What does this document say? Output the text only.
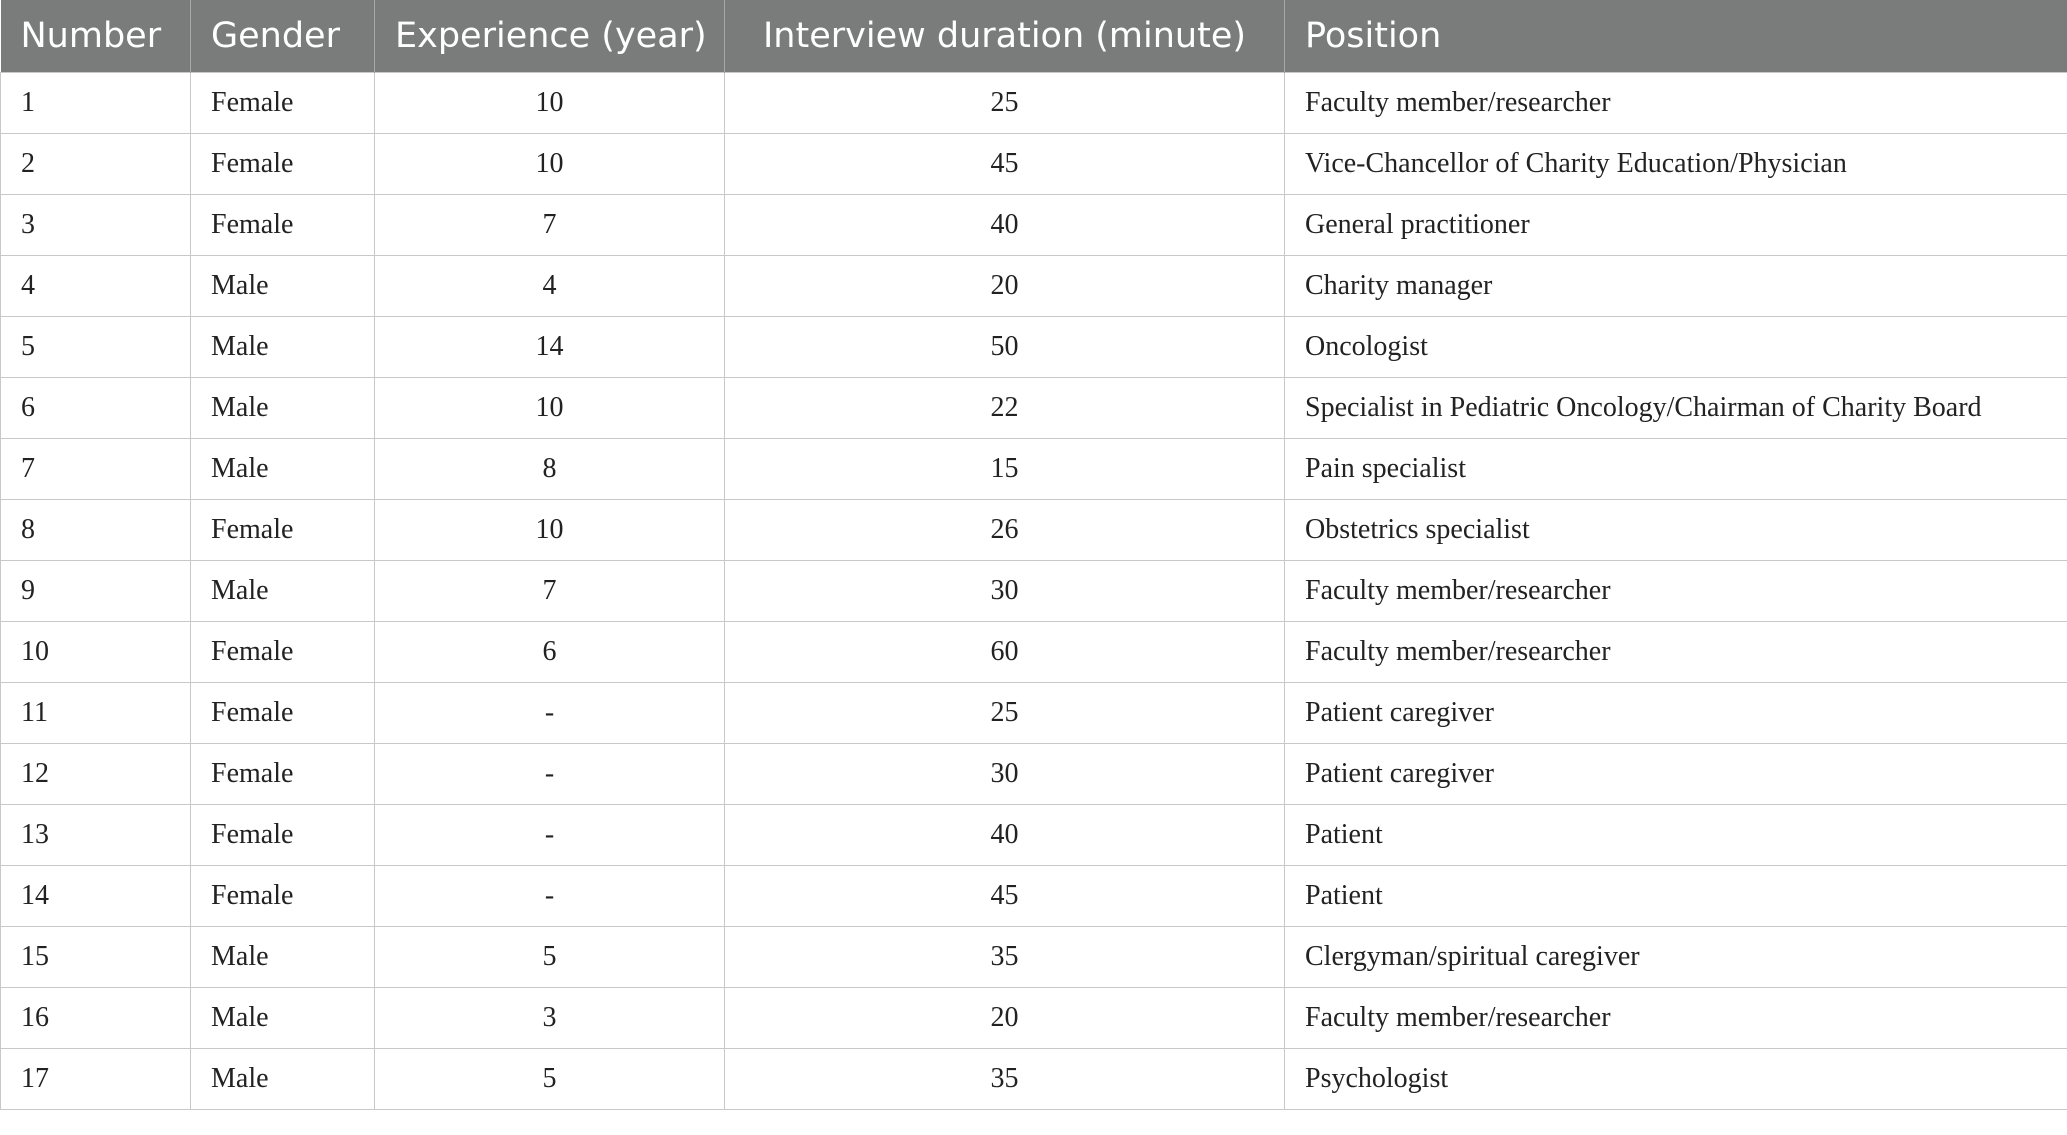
Number	Gender	Experience (year)	Interview duration (minute)	Position
1	Female	10	25	Faculty member/researcher
2	Female	10	45	Vice-Chancellor of Charity Education/Physician
3	Female	7	40	General practitioner
4	Male	4	20	Charity manager
5	Male	14	50	Oncologist
6	Male	10	22	Specialist in Pediatric Oncology/Chairman of Charity Board
7	Male	8	15	Pain specialist
8	Female	10	26	Obstetrics specialist
9	Male	7	30	Faculty member/researcher
10	Female	6	60	Faculty member/researcher
11	Female	-	25	Patient caregiver
12	Female	-	30	Patient caregiver
13	Female	-	40	Patient
14	Female	-	45	Patient
15	Male	5	35	Clergyman/spiritual caregiver
16	Male	3	20	Faculty member/researcher
17	Male	5	35	Psychologist
